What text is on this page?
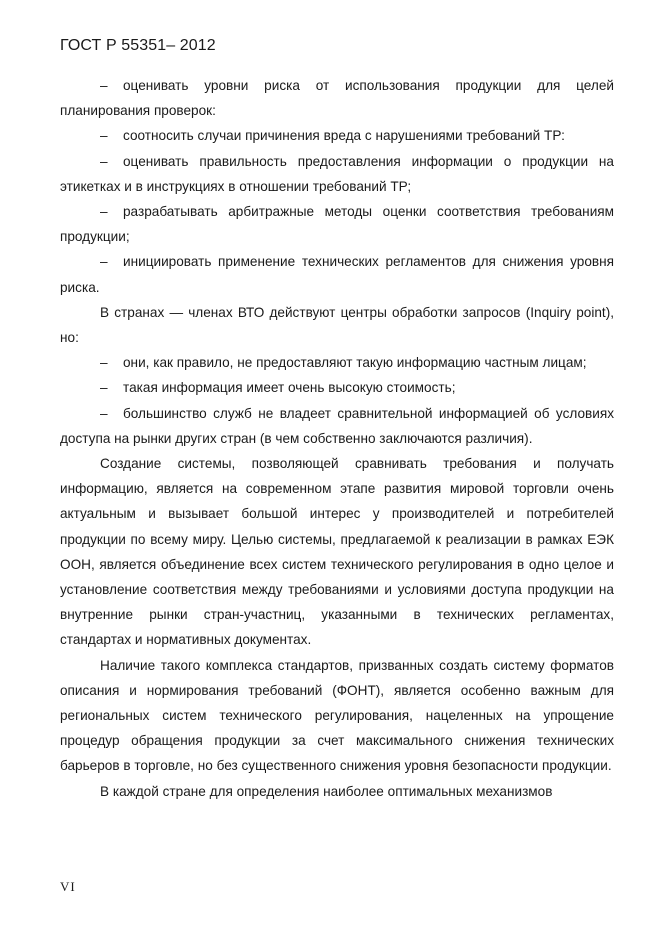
ГОСТ Р 55351– 2012

– оценивать уровни риска от использования продукции для целей планирования проверок:

– соотносить случаи причинения вреда с нарушениями требований ТР:

– оценивать правильность предоставления информации о продукции на этикетках и в инструкциях в отношении требований ТР;

– разрабатывать арбитражные методы оценки соответствия требованиям продукции;

– инициировать применение технических регламентов для снижения уровня риска.

В странах — членах ВТО действуют центры обработки запросов (Inquiry point), но:

– они, как правило, не предоставляют такую информацию частным лицам;

– такая информация имеет очень высокую стоимость;

– большинство служб не владеет сравнительной информацией об условиях доступа на рынки других стран (в чем собственно заключаются различия).

Создание системы, позволяющей сравнивать требования и получать информацию, является на современном этапе развития мировой торговли очень актуальным и вызывает большой интерес у производителей и потребителей продукции по всему миру. Целью системы, предлагаемой к реализации в рамках ЕЭК ООН, является объединение всех систем технического регулирования в одно целое и установление соответствия между требованиями и условиями доступа продукции на внутренние рынки стран-участниц, указанными в технических регламентах, стандартах и нормативных документах.

Наличие такого комплекса стандартов, призванных создать систему форматов описания и нормирования требований (ФОНТ), является особенно важным для региональных систем технического регулирования, нацеленных на упрощение процедур обращения продукции за счет максимального снижения технических барьеров в торговле, но без существенного снижения уровня безопасности продукции.

В каждой стране для определения наиболее оптимальных механизмов

VI
